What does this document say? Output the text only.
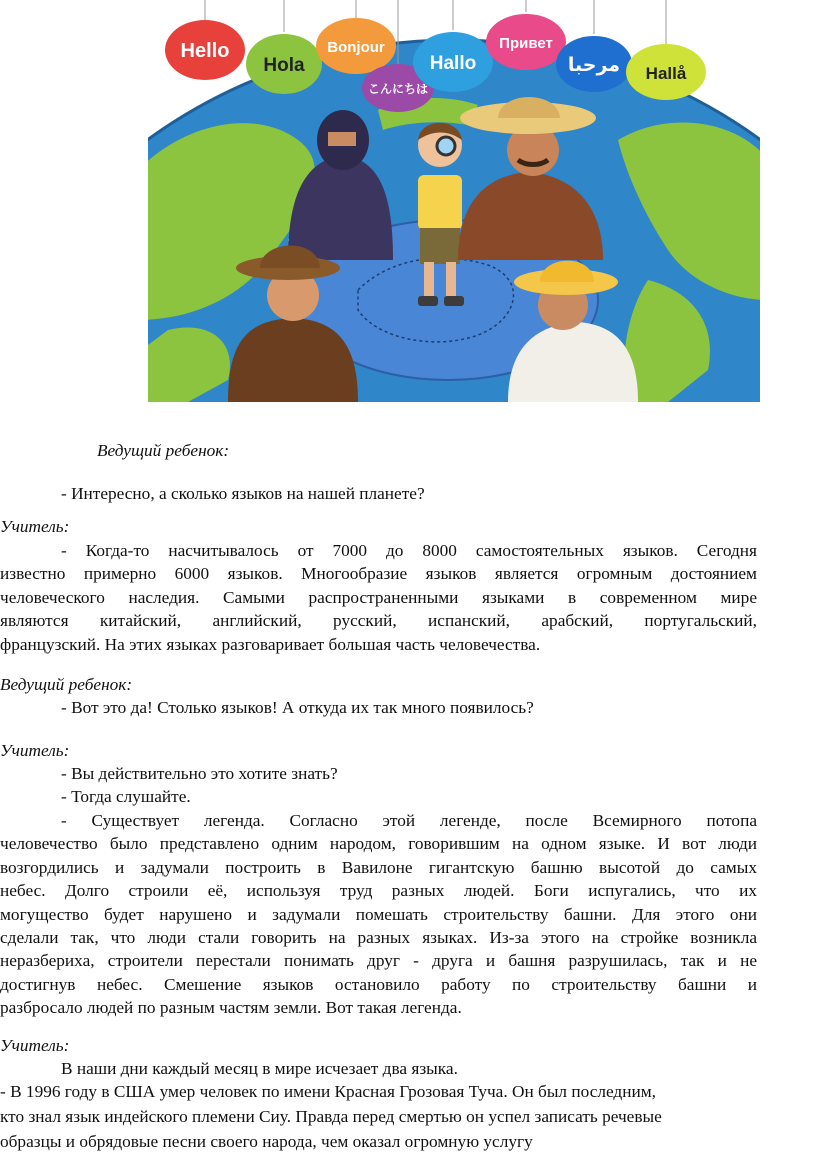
Hello
Hola
Bonjour
こんにちは
Hallo
Привет
مرحبا Hallå
Ведущий ребенок:
- Интересно, а сколько языков на нашей планете?
Учитель:
- Когда-то насчитывалось от 7000 до 8000 самостоятельных языков. Сегодня
известно примерно 6000 языков. Многообразие языков является огромным достоянием
человеческого наследия. Самыми распространенными языками в современном мире
являются китайский, английский, русский, испанский, арабский, португальский,
французский. На этих языках разговаривает большая часть человечества.
Ведущий ребенок:
- Вот это да! Столько языков! А откуда их так много появилось?
Учитель:
- Вы действительно это хотите знать?
- Тогда слушайте.
- Существует легенда. Согласно этой легенде, после Всемирного потопа
человечество было представлено одним народом, говорившим на одном языке. И вот люди
возгордились и задумали построить в Вавилоне гигантскую башню высотой до самых
небес. Долго строили её, используя труд разных людей. Боги испугались, что их
могущество будет нарушено и задумали помешать строительству башни. Для этого они
сделали так, что люди стали говорить на разных языках. Из-за этого на стройке возникла
неразбериха, строители перестали понимать друг - друга и башня разрушилась, так и не
достигнув небес. Смешение языков остановило работу по строительству башни и
разбросало людей по разным частям земли. Вот такая легенда.
Учитель:
В наши дни каждый месяц в мире исчезает два языка.
- В 1996 году в США умер человек по имени Красная Грозовая Туча. Он был последним,
кто знал язык индейского племени Сиу. Правда перед смертью он успел записать речевые
образцы и обрядовые песни своего народа, чем оказал огромную услугу
